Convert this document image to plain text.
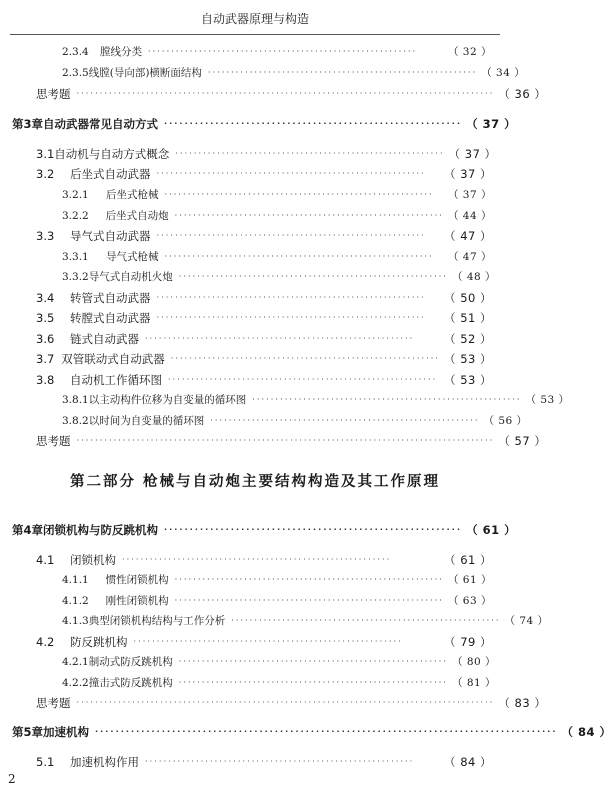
自动武器原理与构造
2.3.4	膛线分类 ··························································	（ 32 ）
2.3.5 线膛(导向部)横断面结构 ·························································· （ 34 ）
思考题 ·························································································· （ 36 ）
第3章 自动武器常见自动方式 ·························································· （ 37 ）
3.1 自动机与自动方式概念 ·························································· （ 37 ）
3.2	后坐式自动武器 ··························································	（ 37 ）
3.2.1	后坐式枪械 ··························································	（ 37 ）
3.2.2	后坐式自动炮 ·························································· （ 44 ）
3.3	导气式自动武器 ··························································	（ 47 ）
3.3.1	导气式枪械 ··························································	（ 47 ）
3.3.2 导气式自动机火炮 ·························································· （ 48 ）
3.4	转管式自动武器 ··························································	（ 50 ）
3.5	转膛式自动武器 ··························································	（ 51 ）
3.6	链式自动武器 ··························································	（ 52 ）
3.7 双管联动式自动武器 ·························································· （ 53 ）
3.8	自动机工作循环图 ·························································· （ 53 ）
3.8.1 以主动构件位移为自变量的循环图 ·························································· （ 53 ）
3.8.2 以时间为自变量的循环图 ·························································· （ 56 ）
思考题 ·························································································· （ 57 ）
第二部分 枪械与自动炮主要结构构造及其工作原理
第4章 闭锁机构与防反跳机构 ·························································· （ 61 ）
4.1	闭锁机构 ··························································	（ 61 ）
4.1.1	惯性闭锁机构 ·························································· （ 61 ）
4.1.2	刚性闭锁机构 ·························································· （ 63 ）
4.1.3 典型闭锁机构结构与工作分析 ·························································· （ 74 ）
4.2	防反跳机构 ··························································	（ 79 ）
4.2.1 制动式防反跳机构 ·························································· （ 80 ）
4.2.2 撞击式防反跳机构 ·························································· （ 81 ）
思考题 ·························································································· （ 83 ）
第5章 加速机构 ·························································································· （ 84 ）
5.1	加速机构作用 ··························································	（ 84 ）
2
